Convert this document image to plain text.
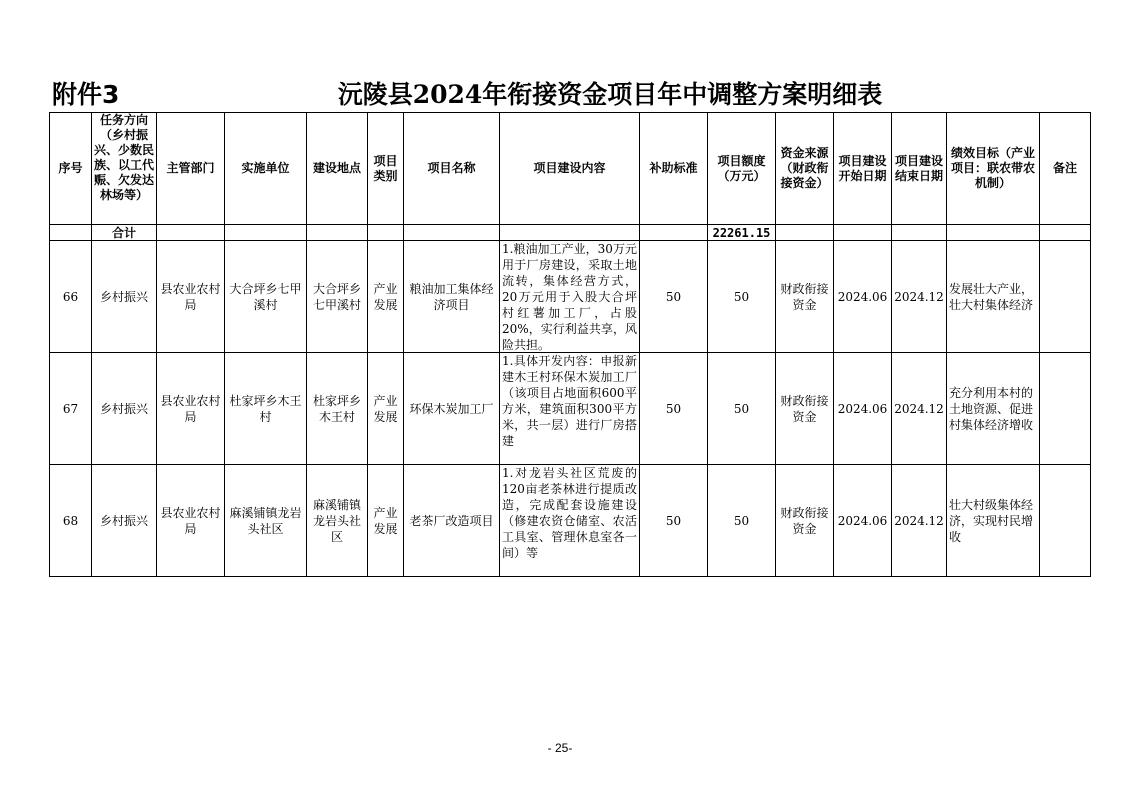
附件3	沅陵县2024年衔接资金项目年中调整方案明细表
序号	任务方向（乡村振兴、少数民族、以工代赈、欠发达林场等）	主管部门	实施单位	建设地点	项目类别	项目名称	项目建设内容	补助标准	项目额度（万元）	资金来源（财政衔接资金）	项目建设开始日期	项目建设结束日期	绩效目标（产业项目：联农带农机制）	备注
	合计								22261.15					
66	乡村振兴	县农业农村局	大合坪乡七甲溪村	大合坪乡七甲溪村	产业发展	粮油加工集体经济项目	1.粮油加工产业，30万元用于厂房建设，采取土地流转，集体经营方式，20万元用于入股大合坪村红薯加工厂，占股20%，实行利益共享，风险共担。	50	50	财政衔接资金	2024.06	2024.12	发展壮大产业，壮大村集体经济	
67	乡村振兴	县农业农村局	杜家坪乡木王村	杜家坪乡木王村	产业发展	环保木炭加工厂	1.具体开发内容：申报新建木王村环保木炭加工厂（该项目占地面积600平方米，建筑面积300平方米，共一层）进行厂房搭建	50	50	财政衔接资金	2024.06	2024.12	充分利用本村的土地资源、促进村集体经济增收	
68	乡村振兴	县农业农村局	麻溪铺镇龙岩头社区	麻溪铺镇龙岩头社区	产业发展	老茶厂改造项目	1.对龙岩头社区荒废的120亩老茶林进行提质改造，完成配套设施建设（修建农资仓储室、农活工具室、管理休息室各一间）等	50	50	财政衔接资金	2024.06	2024.12	壮大村级集体经济，实现村民增收	
- 25-
